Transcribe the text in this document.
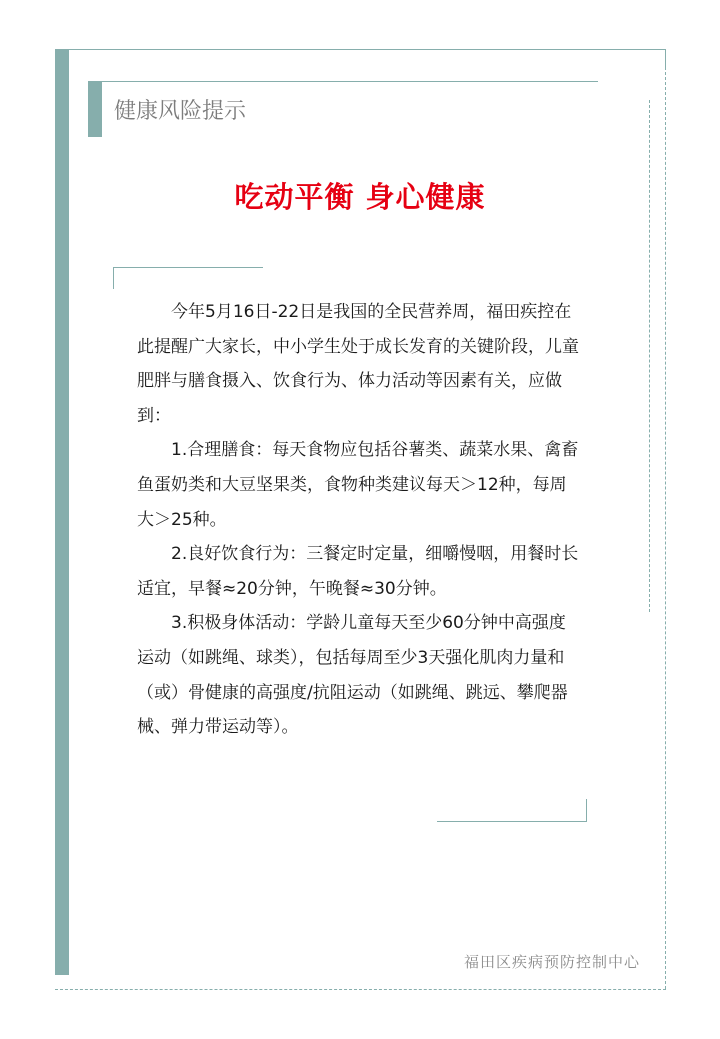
健康风险提示
吃动平衡 身心健康

今年5月16日-22日是我国的全民营养周，福田疾控在此提醒广大家长，中小学生处于成长发育的关键阶段，儿童肥胖与膳食摄入、饮食行为、体力活动等因素有关，应做到：

1.合理膳食：每天食物应包括谷薯类、蔬菜水果、禽畜鱼蛋奶类和大豆坚果类，食物种类建议每天＞12种，每周大＞25种。

2.良好饮食行为：三餐定时定量，细嚼慢咽，用餐时长适宜，早餐≈20分钟，午晚餐≈30分钟。

3.积极身体活动：学龄儿童每天至少60分钟中高强度运动（如跳绳、球类），包括每周至少3天强化肌肉力量和（或）骨健康的高强度/抗阻运动（如跳绳、跳远、攀爬器械、弹力带运动等）。

福田区疾病预防控制中心
